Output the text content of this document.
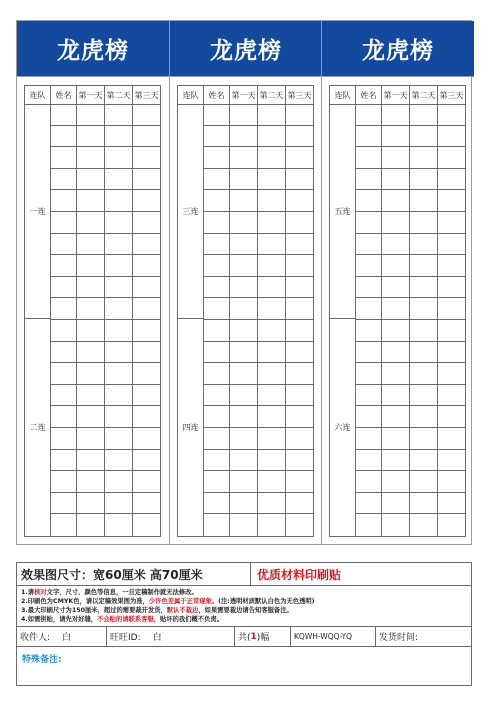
龙虎榜
连队	姓名 第一天 第二天 第三天
一连
二连
龙虎榜
连队	姓名 第一天 第二天 第三天
三连
四连
龙虎榜
连队	姓名 第一天 第二天 第三天
五连
六连
效果图尺寸：宽60厘米 高70厘米	优质材料印刷贴
1.请核对文字、尺寸、颜色等信息，一旦定稿制作就无法修改。
2.印刷色为CMYK色，请以定稿效果图为准，少许色差属于正常现象。(注:透明材质默认白色为无色透明)
3.最大印刷尺寸为150厘米，超过的需要裁开发货，默认不裁边，如果需要裁边请告知客服备注。
4.如需拼贴，请先对好缝，不会贴的请联系客服，贴坏的我们概不负责。
收件人: 白	旺旺ID: 白	共( 1 )幅	KQWH-WQQ-YQ	发货时间:
特殊备注:
